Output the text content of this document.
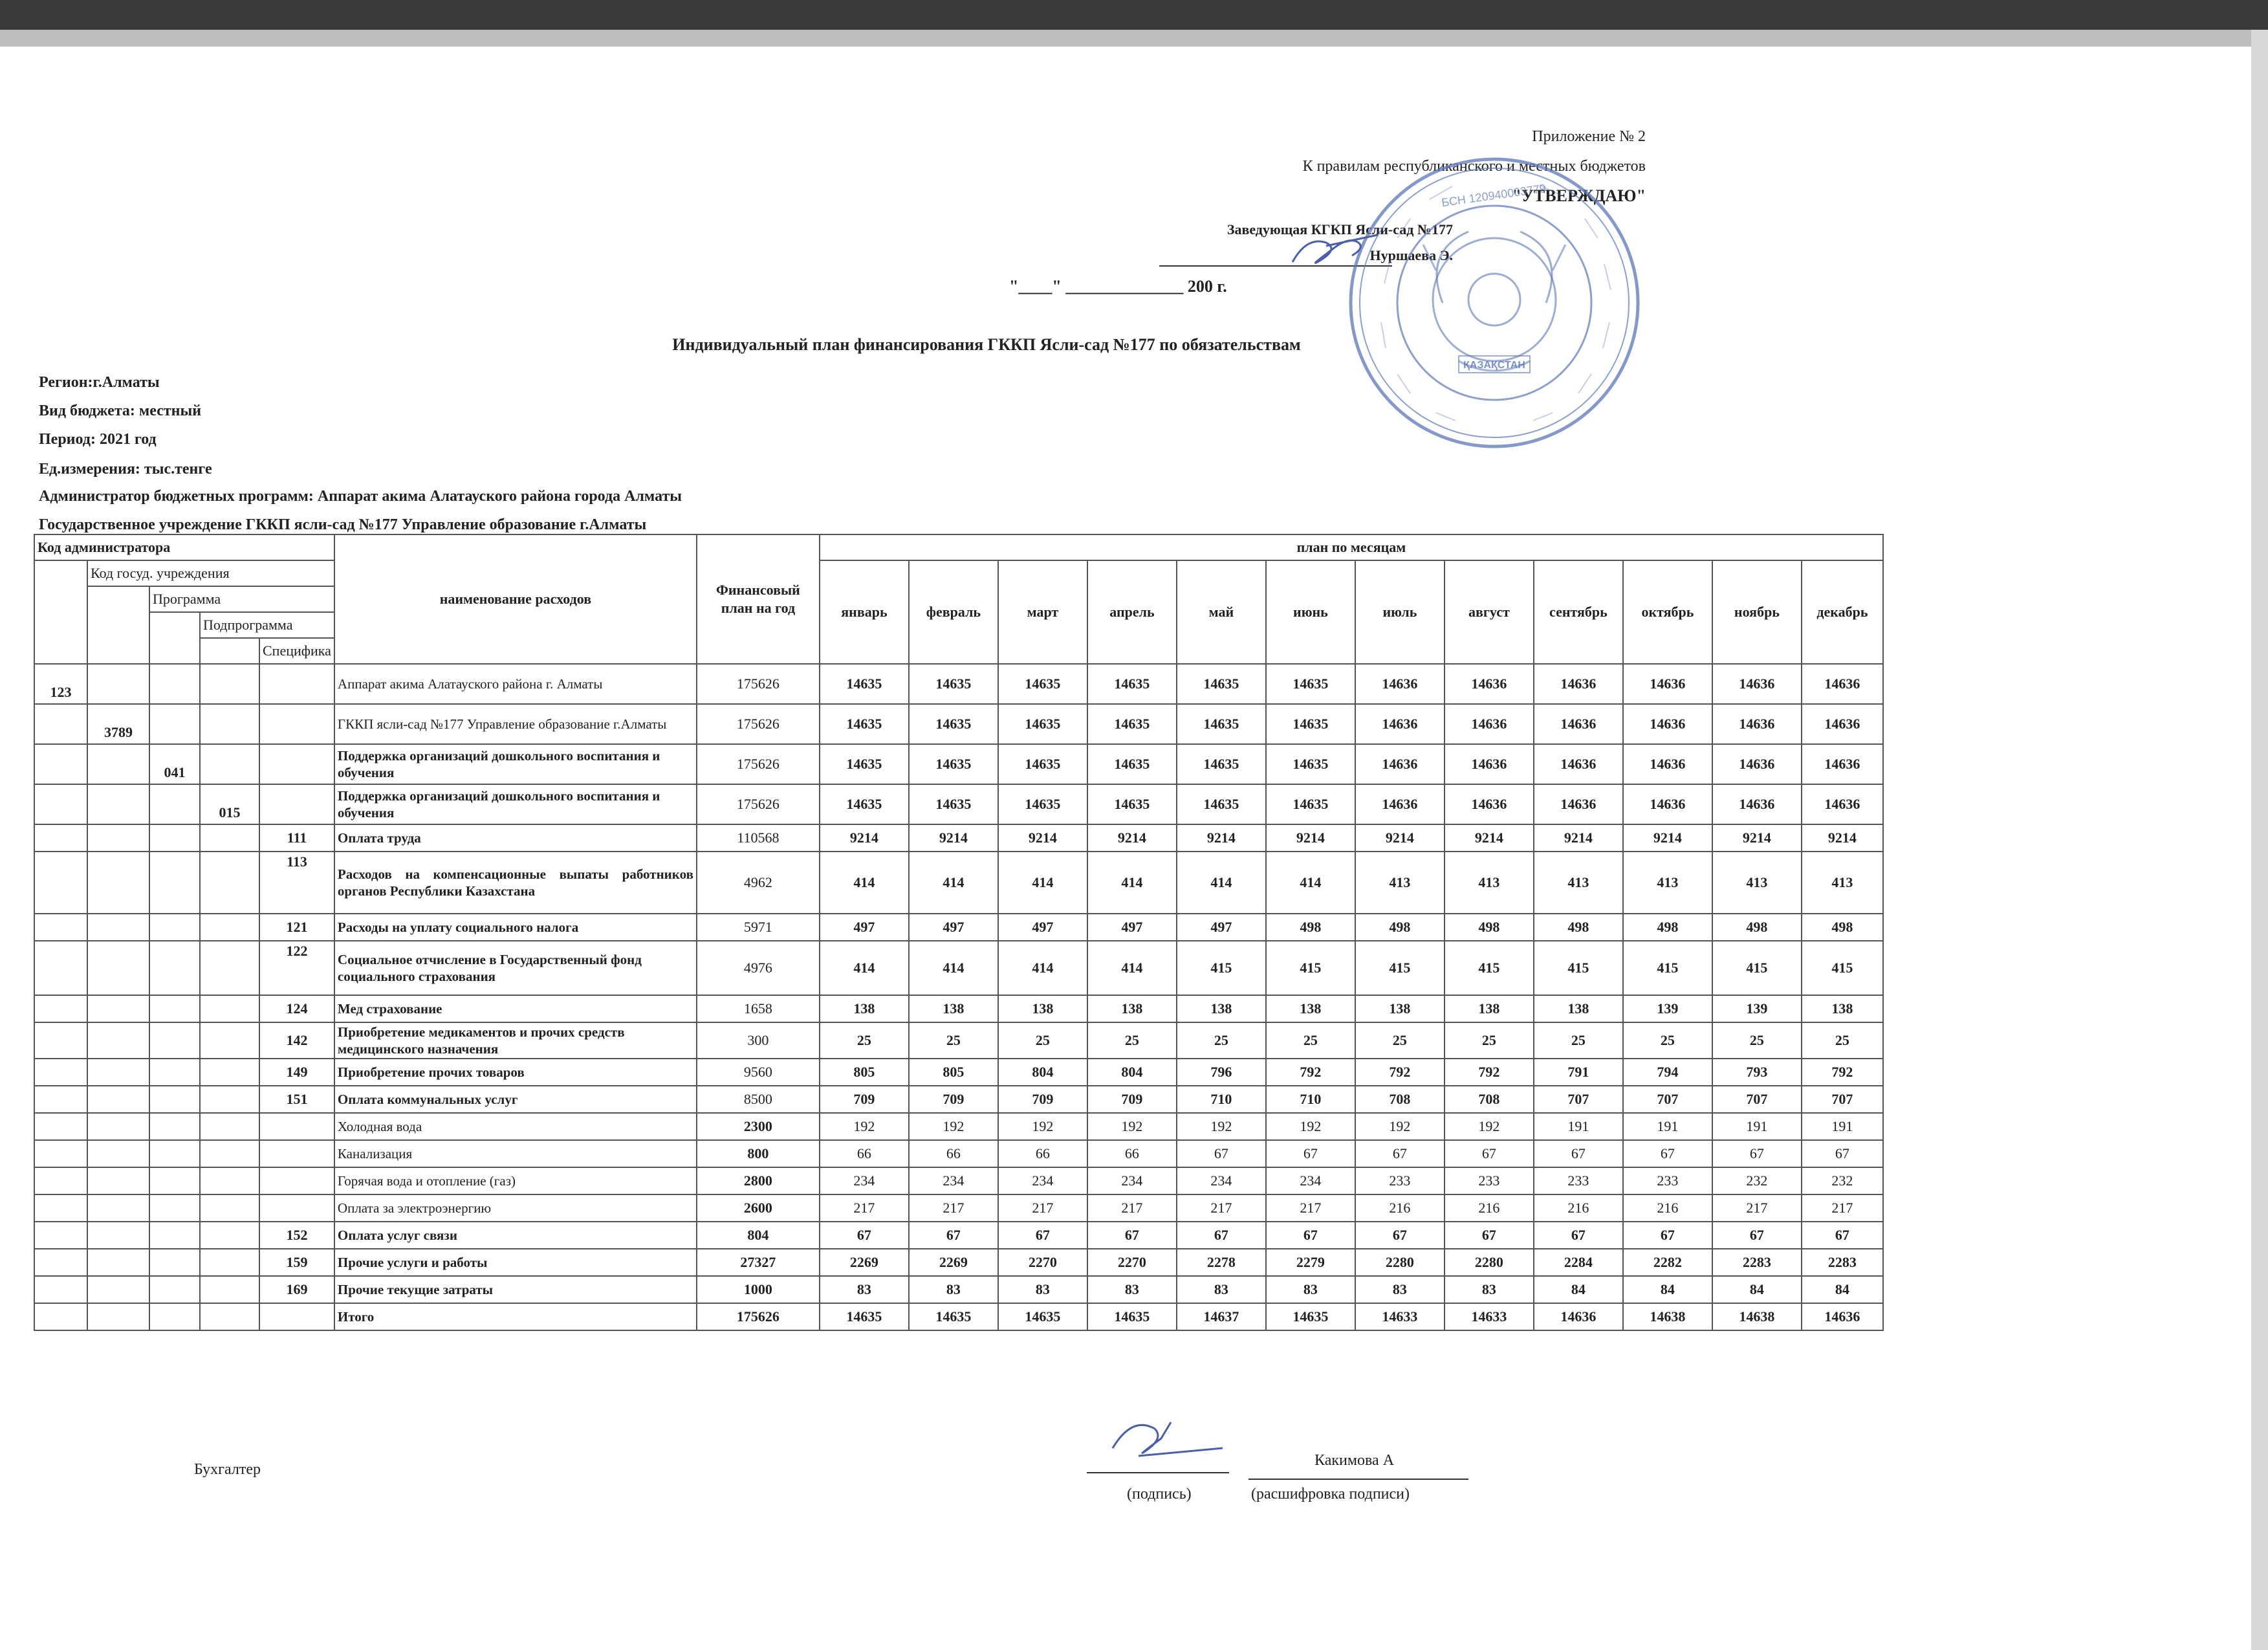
Приложение № 2
К правилам республиканского и местных бюджетов
"УТВЕРЖДАЮ"
Заведующая КГКП Ясли-сад №177
Нуршаева Э.
"____" ______________ 200 г.
ҚАЗАҚСТАН
БСН 120940003779
Индивидуальный план финансирования ГККП Ясли-сад №177 по обязательствам
Регион:г.Алматы
Вид бюджета: местный
Период: 2021 год
Ед.измерения: тыс.тенге
Администратор бюджетных программ: Аппарат акима Алатауского района города Алматы
Государственное учреждение ГККП ясли-сад №177 Управление образование г.Алматы
Код администратора					наименование расходов	Финансовый план на год	план по месяцам											
	Код госуд. учреждения						январь	февраль	март	апрель	май	июнь	июль	август	сентябрь	октябрь	ноябрь	декабрь
		Программа																
			Подпрограмма															
				Специфика														
123					Аппарат акима Алатауского района г. Алматы	175626	14635	14635	14635	14635	14635	14635	14636	14636	14636	14636	14636	14636
	3789				ГККП ясли-сад №177 Управление образование г.Алматы	175626	14635	14635	14635	14635	14635	14635	14636	14636	14636	14636	14636	14636
		041			Поддержка организаций дошкольного воспитания и обучения	175626	14635	14635	14635	14635	14635	14635	14636	14636	14636	14636	14636	14636
			015		Поддержка организаций дошкольного воспитания и обучения	175626	14635	14635	14635	14635	14635	14635	14636	14636	14636	14636	14636	14636
				111	Оплата труда	110568	9214	9214	9214	9214	9214	9214	9214	9214	9214	9214	9214	9214
				113	Расходов на компенсационные выпаты работников органов Республики Казахстана	4962	414	414	414	414	414	414	413	413	413	413	413	413
				121	Расходы на уплату социального налога	5971	497	497	497	497	497	498	498	498	498	498	498	498
				122	Социальное отчисление в Государственный фонд социального страхования	4976	414	414	414	414	415	415	415	415	415	415	415	415
				124	Мед страхование	1658	138	138	138	138	138	138	138	138	138	139	139	138
				142	Приобретение медикаментов и прочих средств медицинского назначения	300	25	25	25	25	25	25	25	25	25	25	25	25
				149	Приобретение прочих товаров	9560	805	805	804	804	796	792	792	792	791	794	793	792
				151	Оплата коммунальных услуг	8500	709	709	709	709	710	710	708	708	707	707	707	707
					Холодная вода	2300	192	192	192	192	192	192	192	192	191	191	191	191
					Канализация	800	66	66	66	66	67	67	67	67	67	67	67	67
					Горячая вода и отопление (газ)	2800	234	234	234	234	234	234	233	233	233	233	232	232
					Оплата за электроэнергию	2600	217	217	217	217	217	217	216	216	216	216	217	217
				152	Оплата услуг связи	804	67	67	67	67	67	67	67	67	67	67	67	67
				159	Прочие услуги и работы	27327	2269	2269	2270	2270	2278	2279	2280	2280	2284	2282	2283	2283
				169	Прочие текущие затраты	1000	83	83	83	83	83	83	83	83	84	84	84	84
					Итого	175626	14635	14635	14635	14635	14637	14635	14633	14633	14636	14638	14638	14636
Бухгалтер
Какимова А
(подпись)	(расшифровка подписи)
